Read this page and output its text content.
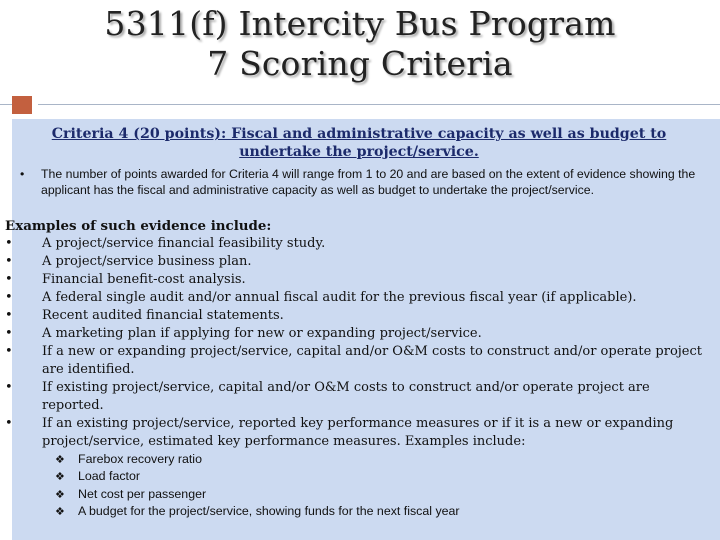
5311(f) Intercity Bus Program
7 Scoring Criteria
Criteria 4 (20 points): Fiscal and administrative capacity as well as budget to
undertake the project/service.
• The number of points awarded for Criteria 4 will range from 1 to 20 and are based on the extent of evidence showing the applicant has the fiscal and administrative capacity as well as budget to undertake the project/service.
Examples of such evidence include:
• A project/service financial feasibility study.
• A project/service business plan.
• Financial benefit-cost analysis.
• A federal single audit and/or annual fiscal audit for the previous fiscal year (if applicable).
• Recent audited financial statements.
• A marketing plan if applying for new or expanding project/service.
• If a new or expanding project/service, capital and/or O&M costs to construct and/or operate project are identified.
• If existing project/service, capital and/or O&M costs to construct and/or operate project are reported.
• If an existing project/service, reported key performance measures or if it is a new or expanding project/service, estimated key performance measures. Examples include:
❖ Farebox recovery ratio
❖ Load factor
❖ Net cost per passenger
❖ A budget for the project/service, showing funds for the next fiscal year
